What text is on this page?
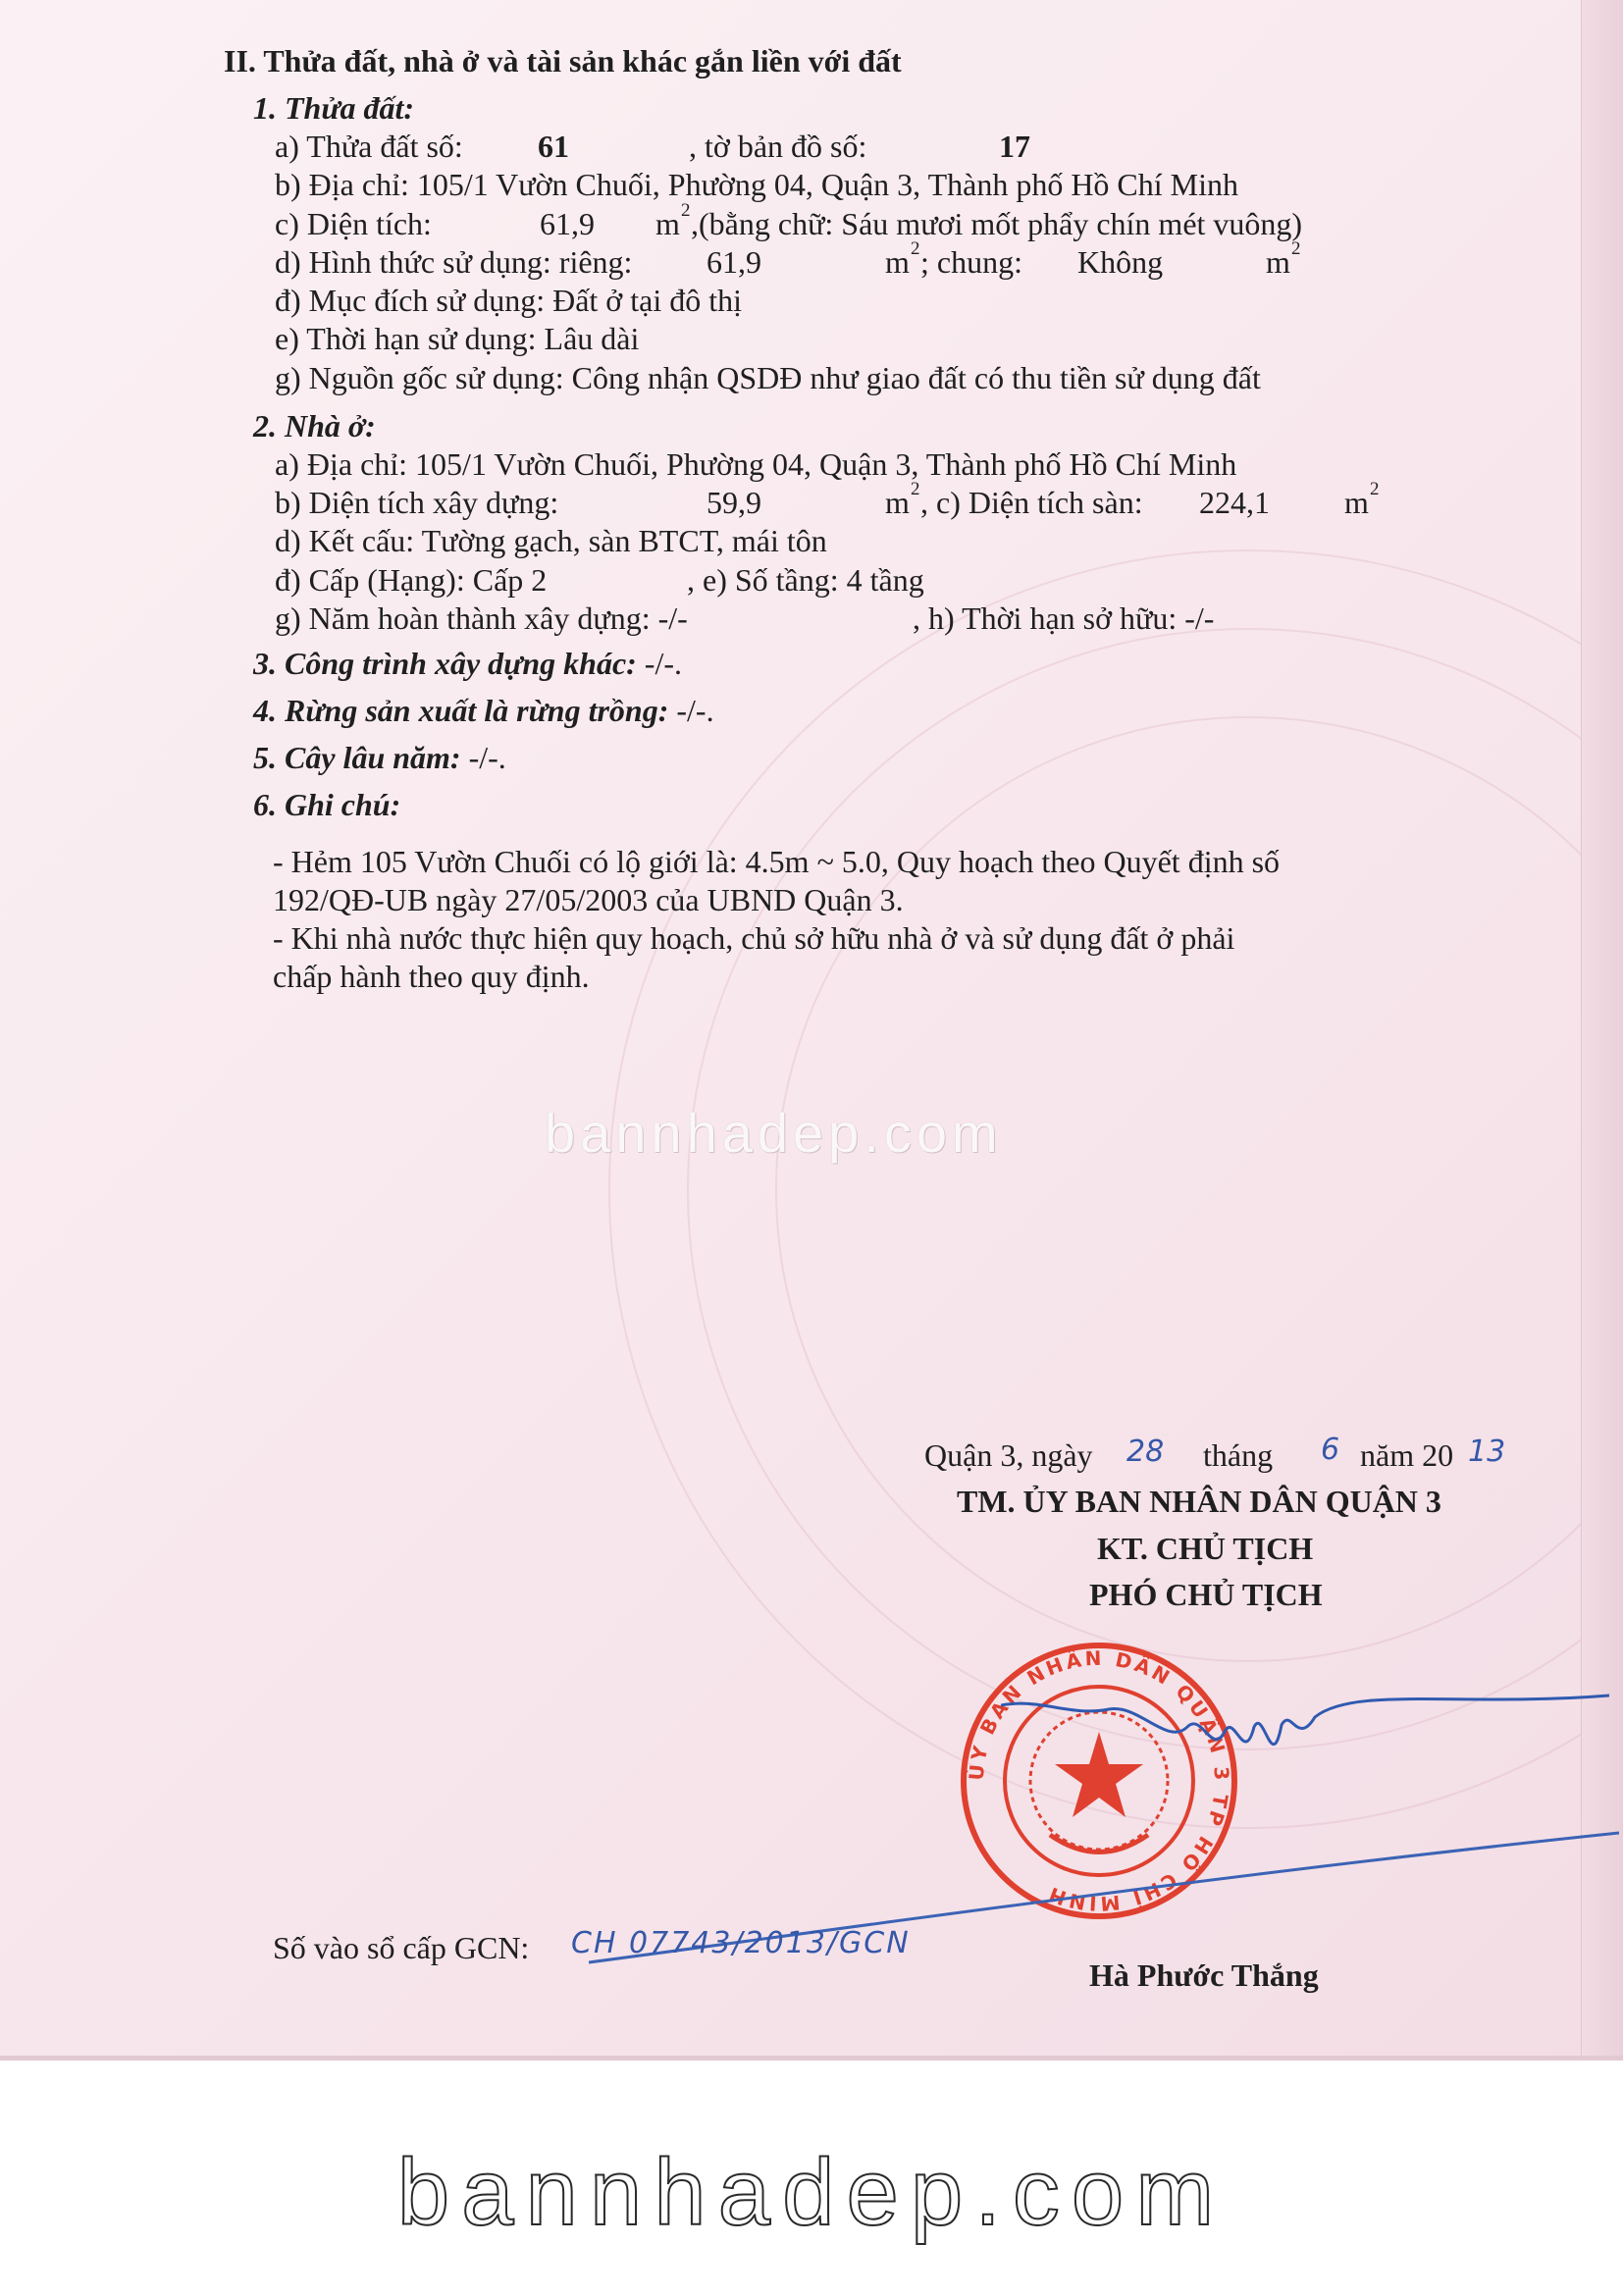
II. Thửa đất, nhà ở và tài sản khác gắn liền với đất
1. Thửa đất:
a) Thửa đất số: 61	, tờ bản đồ số:	17
b) Địa chỉ: 105/1 Vườn Chuối, Phường 04, Quận 3, Thành phố Hồ Chí Minh
c) Diện tích:	61,9 m 2 ,(bằng chữ: Sáu mươi mốt phẩy chín mét vuông)
d) Hình thức sử dụng: riêng: 61,9	m 2 ; chung: Không	m 2
đ) Mục đích sử dụng: Đất ở tại đô thị
e) Thời hạn sử dụng: Lâu dài
g) Nguồn gốc sử dụng: Công nhận QSDĐ như giao đất có thu tiền sử dụng đất
2. Nhà ở:
a) Địa chỉ: 105/1 Vườn Chuối, Phường 04, Quận 3, Thành phố Hồ Chí Minh
b) Diện tích xây dựng:	59,9	m 2 , c) Diện tích sàn: 224,1 m 2
d) Kết cấu: Tường gạch, sàn BTCT, mái tôn
đ) Cấp (Hạng): Cấp 2	, e) Số tầng: 4 tầng
g) Năm hoàn thành xây dựng: -/-	, h) Thời hạn sở hữu: -/-
3. Công trình xây dựng khác: -/-.
4. Rừng sản xuất là rừng trồng: -/-.
5. Cây lâu năm: -/-.
6. Ghi chú:
- Hẻm 105 Vườn Chuối có lộ giới là: 4.5m ~ 5.0, Quy hoạch theo Quyết định số
192/QĐ-UB ngày 27/05/2003 của UBND Quận 3.
- Khi nhà nước thực hiện quy hoạch, chủ sở hữu nhà ở và sử dụng đất ở phải
chấp hành theo quy định.
bannhadep.com
Quận 3, ngày 28 tháng 6 năm 20 13
TM. ỦY BAN NHÂN DÂN QUẬN 3
KT. CHỦ TỊCH
PHÓ CHỦ TỊCH
ỦY BAN NHÂN DÂN QUẬN 3 TP HỒ CHÍ MINH
Số vào sổ cấp GCN: CH 07743/2013/GCN
Hà Phước Thắng
bannhadep.com
